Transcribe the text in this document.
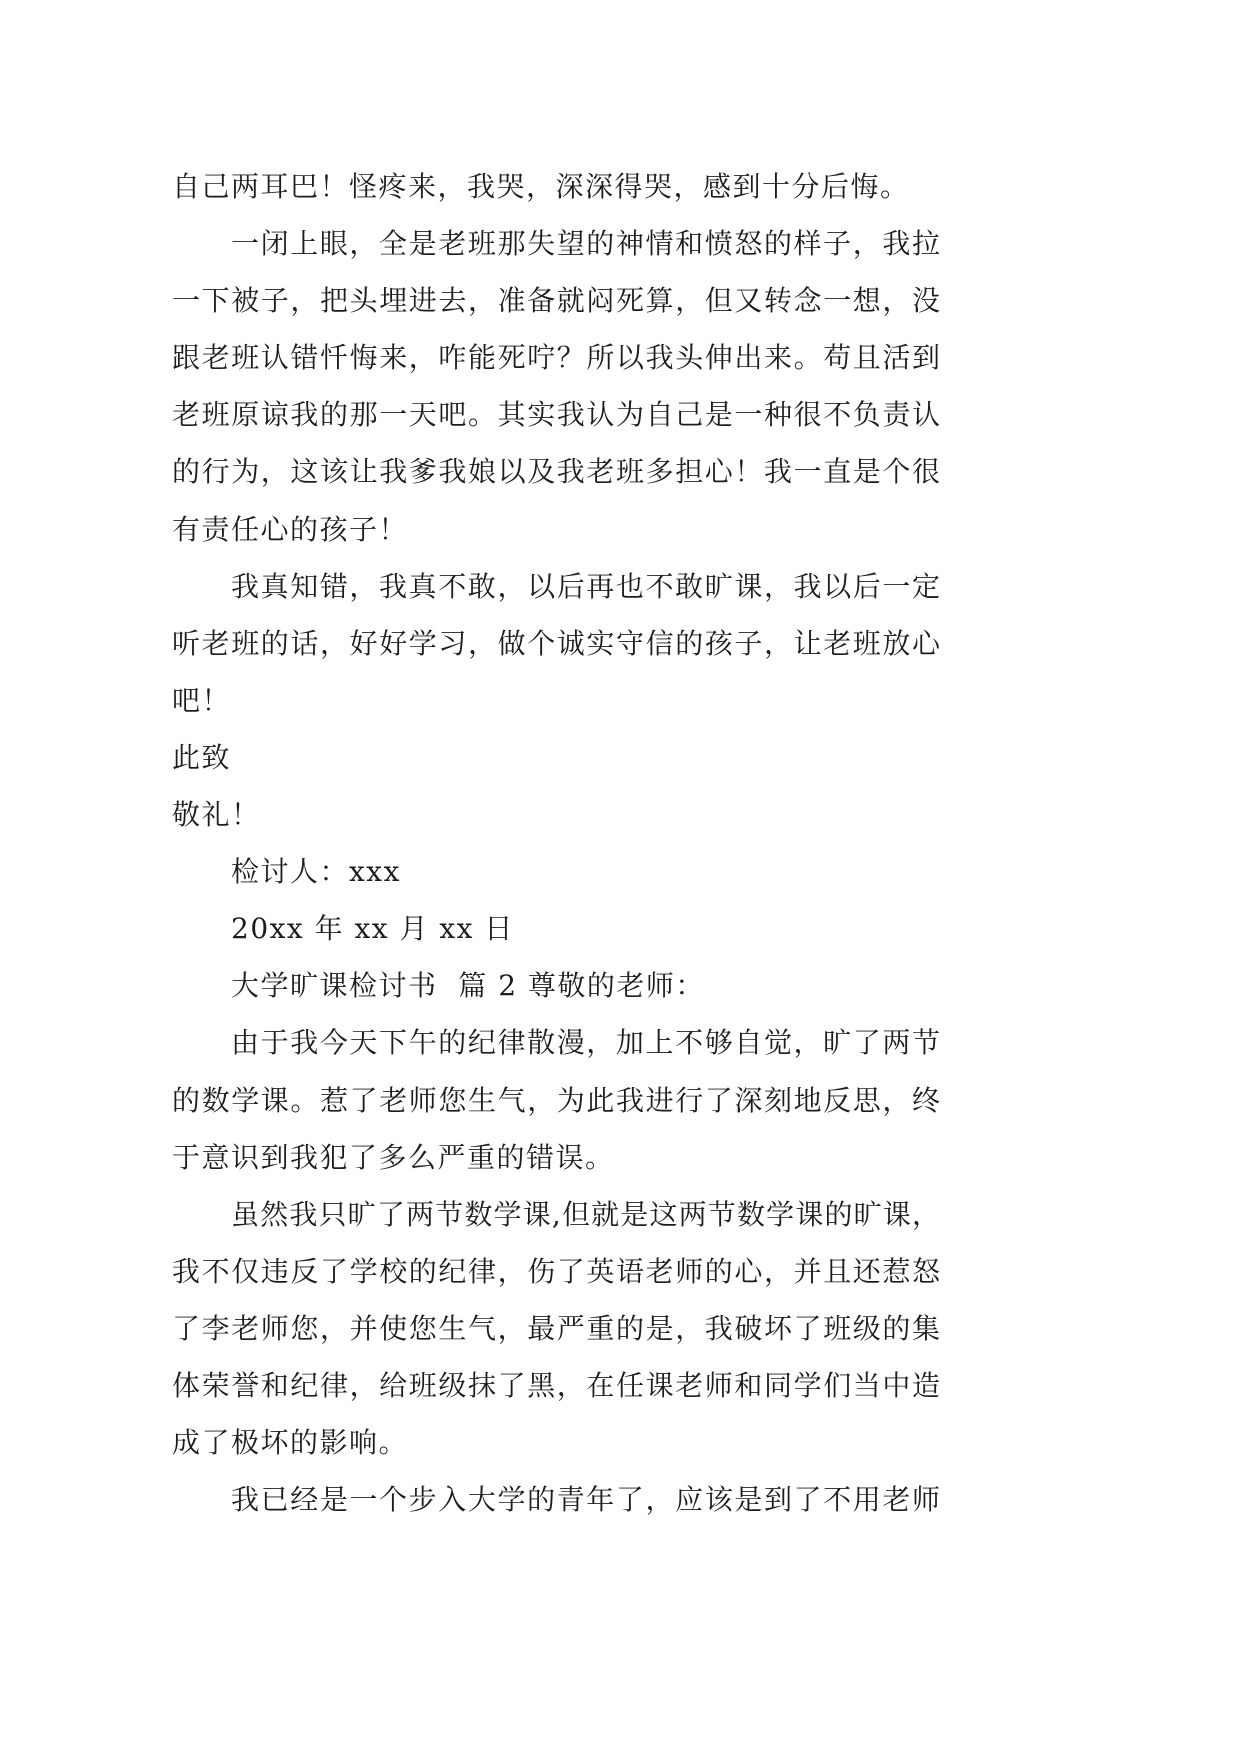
自己两耳巴！怪疼来，我哭，深深得哭，感到十分后悔。
一闭上眼，全是老班那失望的神情和愤怒的样子，我拉
一下被子，把头埋进去，准备就闷死算，但又转念一想，没
跟老班认错忏悔来，咋能死咛？所以我头伸出来。苟且活到
老班原谅我的那一天吧。其实我认为自己是一种很不负责认
的行为，这该让我爹我娘以及我老班多担心！我一直是个很
有责任心的孩子！
我真知错，我真不敢，以后再也不敢旷课，我以后一定
听老班的话，好好学习，做个诚实守信的孩子，让老班放心
吧！
此致
敬礼！
检讨人：xxx
20xx 年 xx 月 xx 日
大学旷课检讨书  篇 2 尊敬的老师：
由于我今天下午的纪律散漫，加上不够自觉，旷了两节
的数学课。惹了老师您生气，为此我进行了深刻地反思，终
于意识到我犯了多么严重的错误。
虽然我只旷了两节数学课,但就是这两节数学课的旷课，
我不仅违反了学校的纪律，伤了英语老师的心，并且还惹怒
了李老师您，并使您生气，最严重的是，我破坏了班级的集
体荣誉和纪律，给班级抹了黑，在任课老师和同学们当中造
成了极坏的影响。
我已经是一个步入大学的青年了，应该是到了不用老师
